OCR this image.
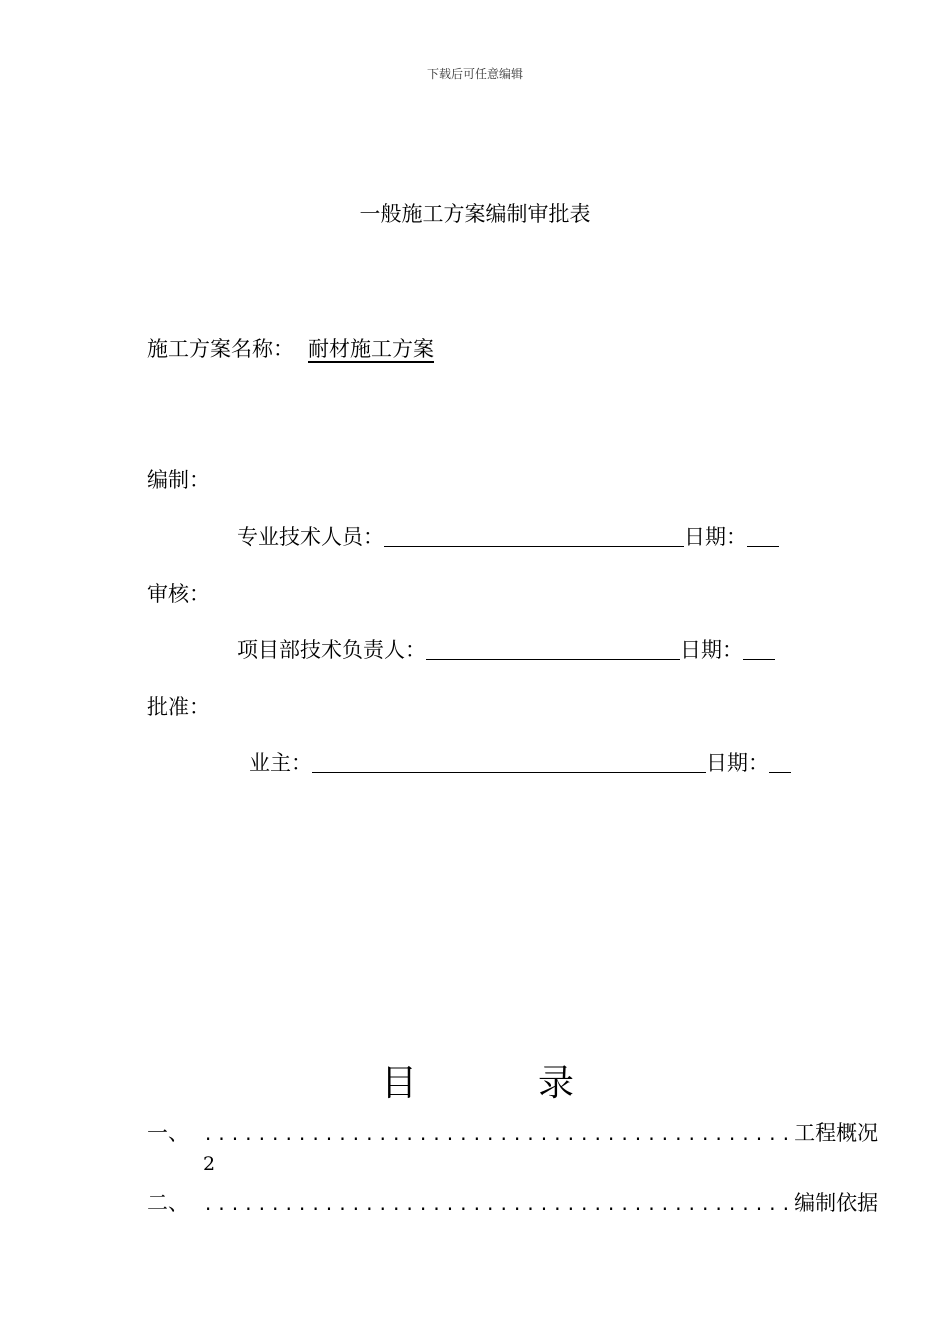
下载后可任意编辑
一般施工方案编制审批表
施工方案名称： 耐材施工方案
编制：
专业技术人员：	日期：
审核：
项目部技术负责人：	日期：
批准：
业主：	日期：
目	录
一、 ............................................ 工程概况
2
二、 ............................................ 编制依据
